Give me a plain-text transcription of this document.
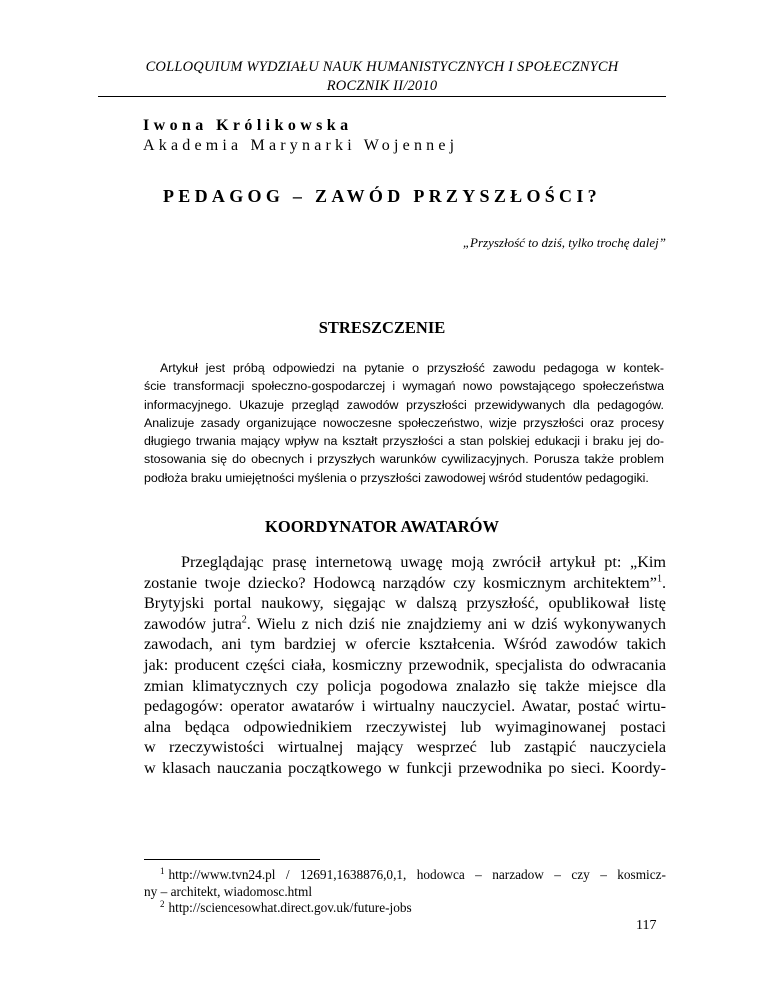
COLLOQUIUM WYDZIAŁU NAUK HUMANISTYCZNYCH I SPOŁECZNYCH
ROCZNIK II/2010
Iwona Królikowska
Akademia Marynarki Wojennej
PEDAGOG – ZAWÓD PRZYSZŁOŚCI?
„Przyszłość to dziś, tylko trochę dalej”
STRESZCZENIE
Artykuł jest próbą odpowiedzi na pytanie o przyszłość zawodu pedagoga w kontek-
ście transformacji społeczno-gospodarczej i wymagań nowo powstającego społeczeństwa
informacyjnego. Ukazuje przegląd zawodów przyszłości przewidywanych dla pedagogów.
Analizuje zasady organizujące nowoczesne społeczeństwo, wizje przyszłości oraz procesy
długiego trwania mający wpływ na kształt przyszłości a stan polskiej edukacji i braku jej do-
stosowania się do obecnych i przyszłych warunków cywilizacyjnych. Porusza także problem
podłoża braku umiejętności myślenia o przyszłości zawodowej wśród studentów pedagogiki.
KOORDYNATOR AWATARÓW
Przeglądając prasę internetową uwagę moją zwrócił artykuł pt: „Kim
zostanie twoje dziecko? Hodowcą narządów czy kosmicznym architektem”$^1$.
Brytyjski portal naukowy, sięgając w dalszą przyszłość, opublikował listę
zawodów jutra$^2$. Wielu z nich dziś nie znajdziemy ani w dziś wykonywanych
zawodach, ani tym bardziej w ofercie kształcenia. Wśród zawodów takich
jak: producent części ciała, kosmiczny przewodnik, specjalista do odwracania
zmian klimatycznych czy policja pogodowa znalazło się także miejsce dla
pedagogów: operator awatarów i wirtualny nauczyciel. Awatar, postać wirtu-
alna będąca odpowiednikiem rzeczywistej lub wyimaginowanej postaci
w rzeczywistości wirtualnej mający wesprzeć lub zastąpić nauczyciela
w klasach nauczania początkowego w funkcji przewodnika po sieci. Koordy-
$^1$ http://www.tvn24.pl / 12691,1638876,0,1, hodowca – narzadow – czy – kosmicz-
ny – architekt, wiadomosc.html
$^2$ http://sciencesowhat.direct.gov.uk/future-jobs
117
